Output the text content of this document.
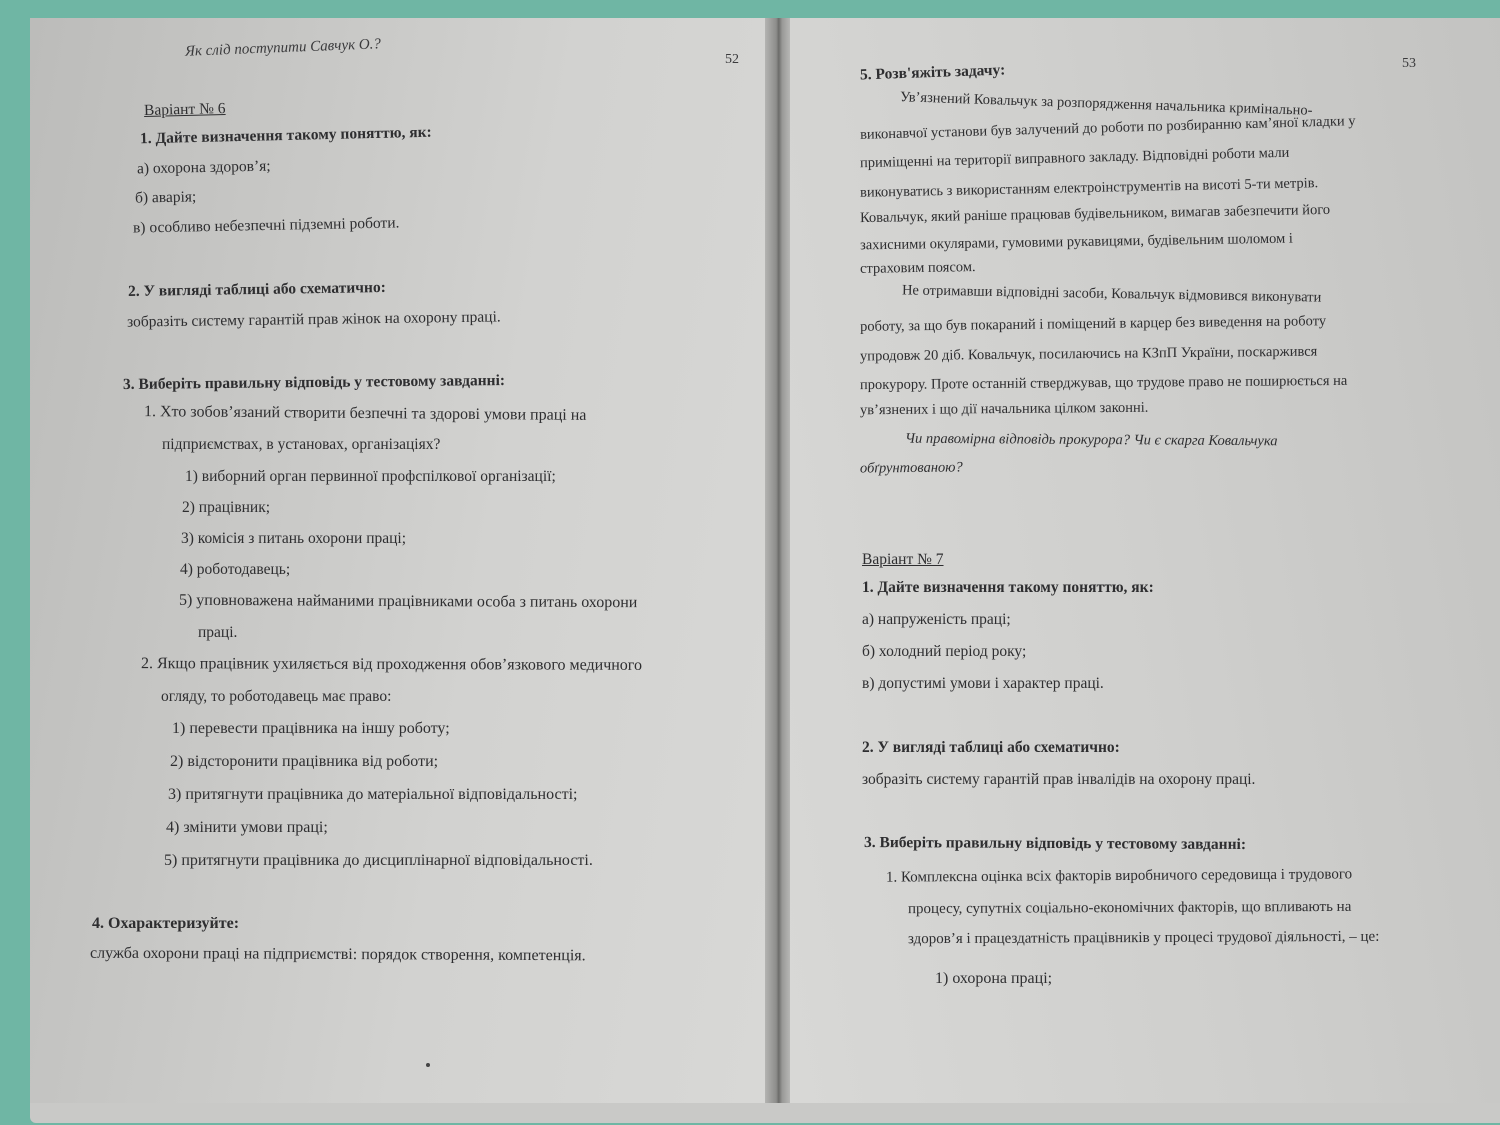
Як слід поступити Савчук О.?	52
Варіант № 6
1. Дайте визначення такому поняттю, як:
а) охорона здоров’я;
б) аварія;
в) особливо небезпечні підземні роботи.
2. У вигляді таблиці або схематично:
зобразіть систему гарантій прав жінок на охорону праці.
3. Виберіть правильну відповідь у тестовому завданні:
1. Хто зобов’язаний створити безпечні та здорові умови праці на
підприємствах, в установах, організаціях?
1) виборний орган первинної профспілкової організації;
2) працівник;
3) комісія з питань охорони праці;
4) роботодавець;
5) уповноважена найманими працівниками особа з питань охорони
праці.
2. Якщо працівник ухиляється від проходження обов’язкового медичного
огляду, то роботодавець має право:
1) перевести працівника на іншу роботу;
2) відсторонити працівника від роботи;
3) притягнути працівника до матеріальної відповідальності;
4) змінити умови праці;
5) притягнути працівника до дисциплінарної відповідальності.
4. Охарактеризуйте:
служба охорони праці на підприємстві: порядок створення, компетенція.
5. Розв'яжіть задачу:	53
Ув’язнений Ковальчук за розпорядження начальника кримінально-
виконавчої установи був залучений до роботи по розбиранню кам’яної кладки у
приміщенні на території виправного закладу. Відповідні роботи мали
виконуватись з використанням електроінструментів на висоті 5-ти метрів.
Ковальчук, який раніше працював будівельником, вимагав забезпечити його
захисними окулярами, гумовими рукавицями, будівельним шоломом і
страховим поясом.
Не отримавши відповідні засоби, Ковальчук відмовився виконувати
роботу, за що був покараний і поміщений в карцер без виведення на роботу
упродовж 20 діб. Ковальчук, посилаючись на КЗпП України, поскаржився
прокурору. Проте останній стверджував, що трудове право не поширюється на
ув’язнених і що дії начальника цілком законні.
Чи правомірна відповідь прокурора? Чи є скарга Ковальчука
обґрунтованою?
Варіант № 7
1. Дайте визначення такому поняттю, як:
а) напруженість праці;
б) холодний період року;
в) допустимі умови і характер праці.
2. У вигляді таблиці або схематично:
зобразіть систему гарантій прав інвалідів на охорону праці.
3. Виберіть правильну відповідь у тестовому завданні:
1. Комплексна оцінка всіх факторів виробничого середовища і трудового
процесу, супутніх соціально-економічних факторів, що впливають на
здоров’я і працездатність працівників у процесі трудової діяльності, – це:
1) охорона праці;
